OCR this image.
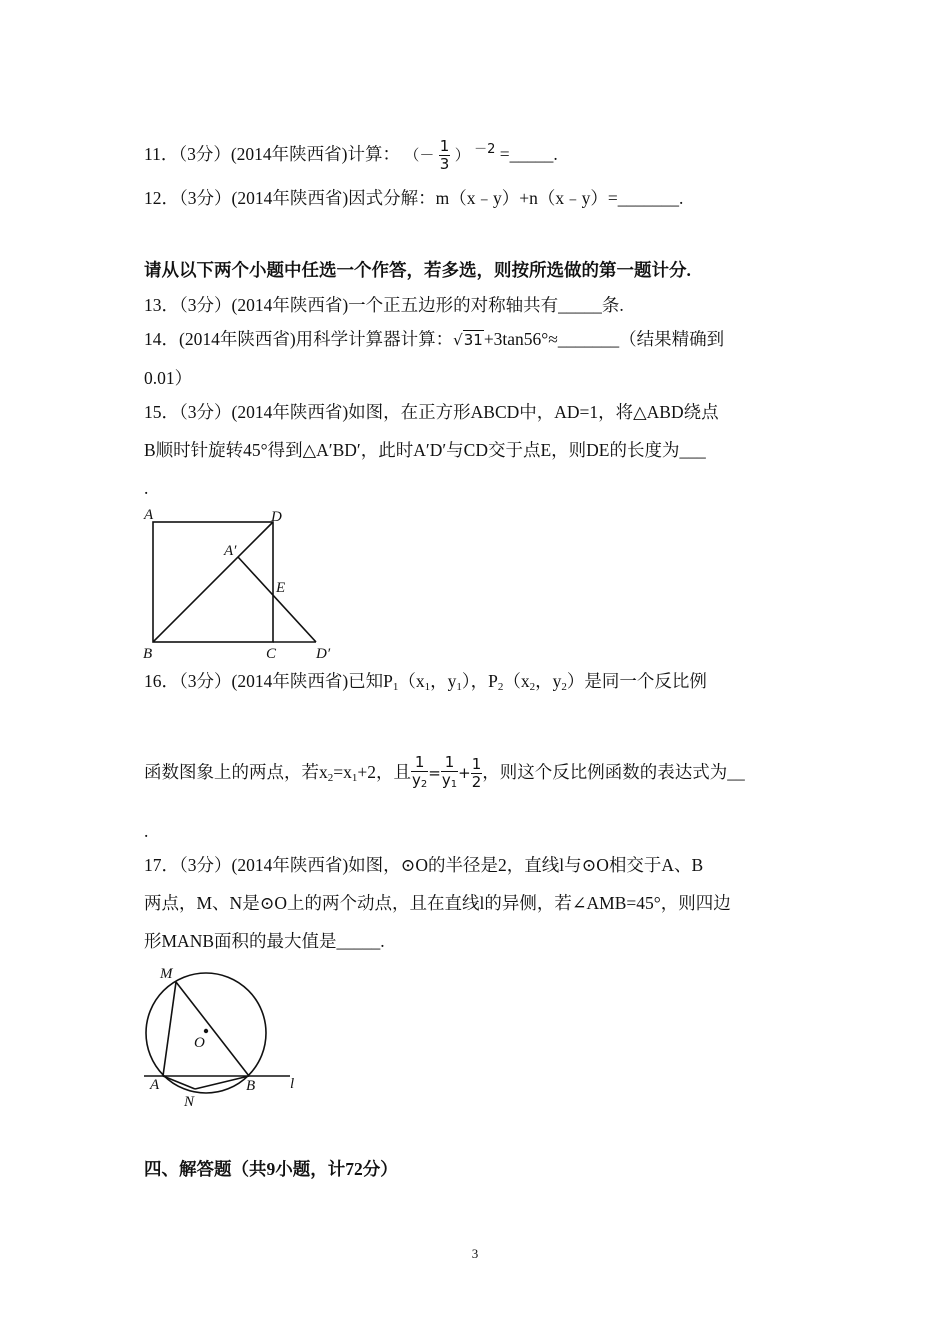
11．（3分）(2014年陕西省)计算： （－ $\frac{1}{3}$ ） $^{-2}$ =_____.
12．（3分）(2014年陕西省)因式分解：m（x﹣y）+n（x﹣y）=_______.
请从以下两个小题中任选一个作答，若多选，则按所选做的第一题计分.
13．（3分）(2014年陕西省)一个正五边形的对称轴共有_____条.
14．(2014年陕西省)用科学计算器计算：√31+3tan56°≈_______（结果精确到
0.01）
15．（3分）(2014年陕西省)如图，在正方形ABCD中，AD=1，将△ABD绕点
B顺时针旋转45°得到△A′BD′，此时A′D′与CD交于点E，则DE的长度为___
.
A	D
A′
E
B	C	D′
16．（3分）(2014年陕西省)已知$P_1(x_1$，$y_1$），$P_2(x_2$，$y_2$）是同一个反比例
函数图象上的两点，若$x_2=x_1+2$，且 $\frac{1}{y_2} = \frac{1}{y_1} + \frac{1}{2}$ ，则这个反比例函数的表达式为__
.
17．（3分）(2014年陕西省)如图，⊙O的半径是2，直线l与⊙O相交于A、B
两点，M、N是⊙O上的两个动点，且在直线l的异侧，若∠AMB=45°，则四边
形MANB面积的最大值是_____.
M
O
A	B
N
l
四、解答题（共9小题，计72分）
3
